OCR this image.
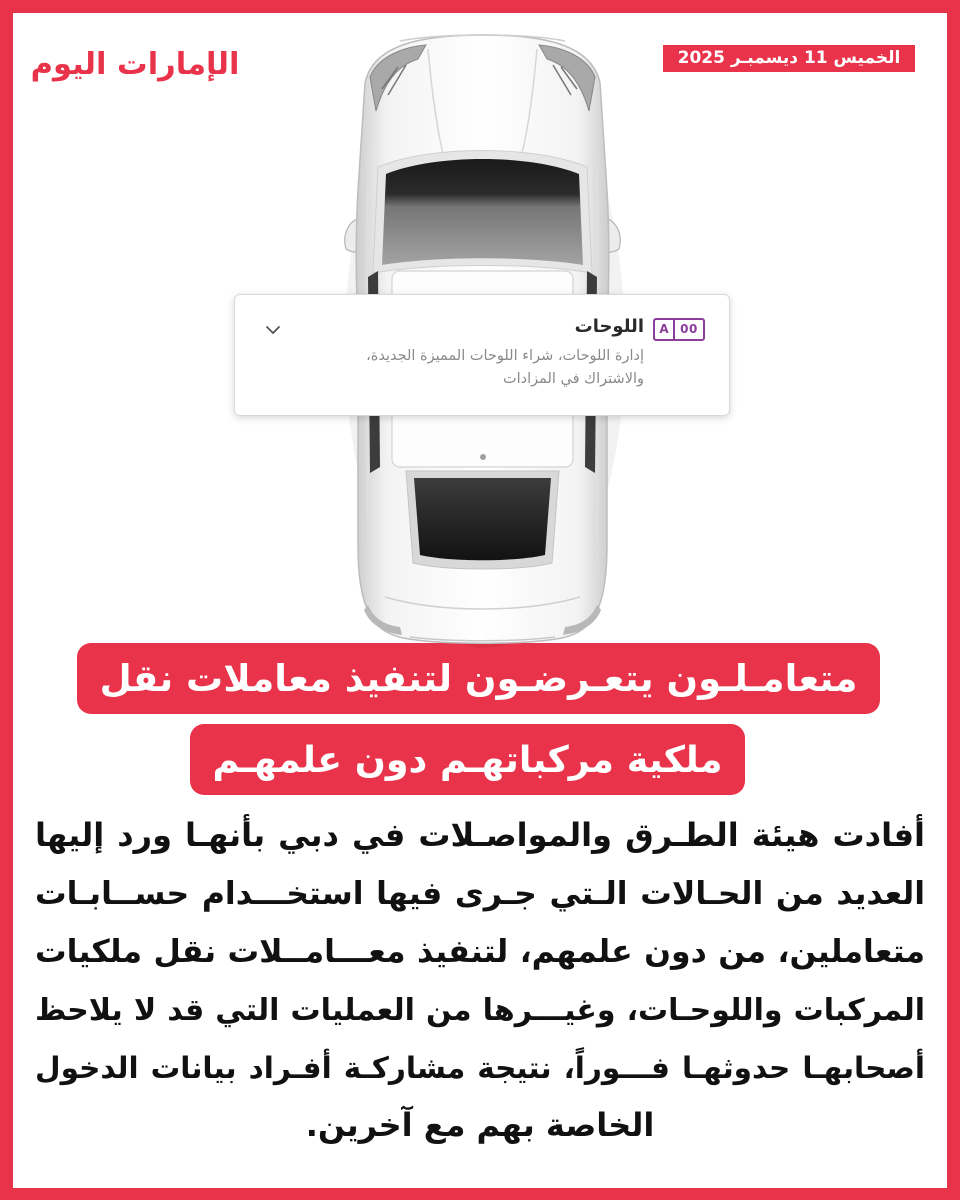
الإمارات اليوم	الخميس 11 ديسمبـر 2025
A 00
اللوحات
إدارة اللوحات، شراء اللوحات المميزة الجديدة،
والاشتراك في المزادات
متعامـلـون يتعـرضـون لتنفيذ معاملات نقل
ملكية مركباتهـم دون علمهـم
أفادت هيئة الطـرق والمواصـلات في دبي بأنهـا ورد إليها
العديد من الحـالات الـتي جـرى فيها استخـــدام حســابـات
متعاملين، من دون علمهم، لتنفيذ معـــامــلات نقل ملكيات
المركبات واللوحـات، وغيـــرها من العمليات التي قد لا يلاحظ
أصحابهـا حدوثهـا فـــوراً، نتيجة مشاركـة أفـراد بيانات الدخول
الخاصة بهم مع آخرين.
